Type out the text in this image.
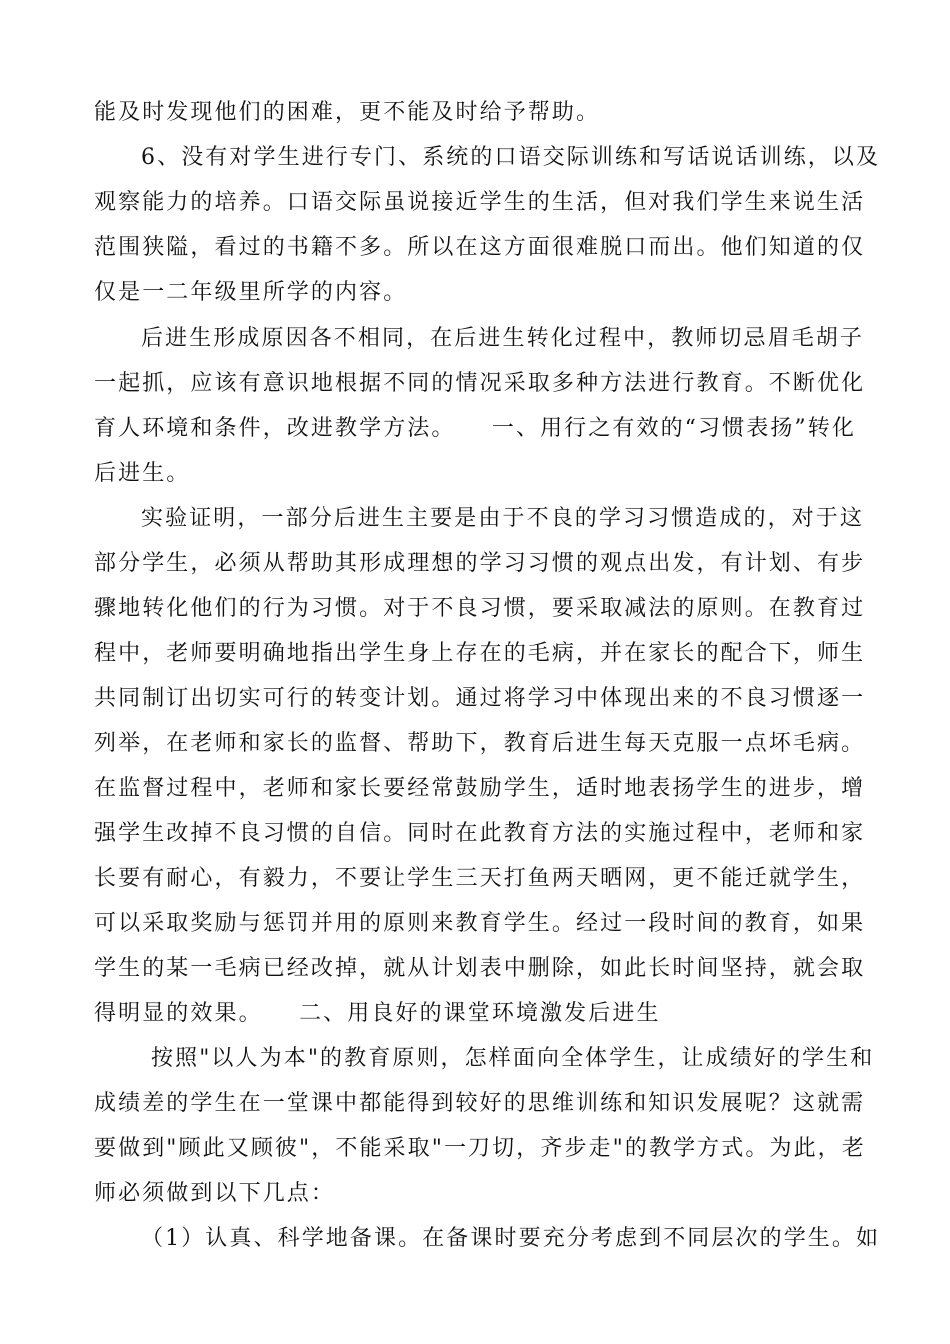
能及时发现他们的困难，更不能及时给予帮助。
6、没有对学生进行专门、系统的口语交际训练和写话说话训练，以及
观察能力的培养。口语交际虽说接近学生的生活，但对我们学生来说生活
范围狭隘，看过的书籍不多。所以在这方面很难脱口而出。他们知道的仅
仅是一二年级里所学的内容。
后进生形成原因各不相同，在后进生转化过程中，教师切忌眉毛胡子
一起抓，应该有意识地根据不同的情况采取多种方法进行教育。不断优化
育人环境和条件，改进教学方法。    一、用行之有效的“习惯表扬”转化
后进生。
实验证明，一部分后进生主要是由于不良的学习习惯造成的，对于这
部分学生，必须从帮助其形成理想的学习习惯的观点出发，有计划、有步
骤地转化他们的行为习惯。对于不良习惯，要采取减法的原则。在教育过
程中，老师要明确地指出学生身上存在的毛病，并在家长的配合下，师生
共同制订出切实可行的转变计划。通过将学习中体现出来的不良习惯逐一
列举，在老师和家长的监督、帮助下，教育后进生每天克服一点坏毛病。
在监督过程中，老师和家长要经常鼓励学生，适时地表扬学生的进步，增
强学生改掉不良习惯的自信。同时在此教育方法的实施过程中，老师和家
长要有耐心，有毅力，不要让学生三天打鱼两天晒网，更不能迁就学生，
可以采取奖励与惩罚并用的原则来教育学生。经过一段时间的教育，如果
学生的某一毛病已经改掉，就从计划表中删除，如此长时间坚持，就会取
得明显的效果。    二、用良好的课堂环境激发后进生
按照"以人为本"的教育原则，怎样面向全体学生，让成绩好的学生和
成绩差的学生在一堂课中都能得到较好的思维训练和知识发展呢？这就需
要做到"顾此又顾彼"，不能采取"一刀切，齐步走"的教学方式。为此，老
师必须做到以下几点：
（1）认真、科学地备课。在备课时要充分考虑到不同层次的学生。如
